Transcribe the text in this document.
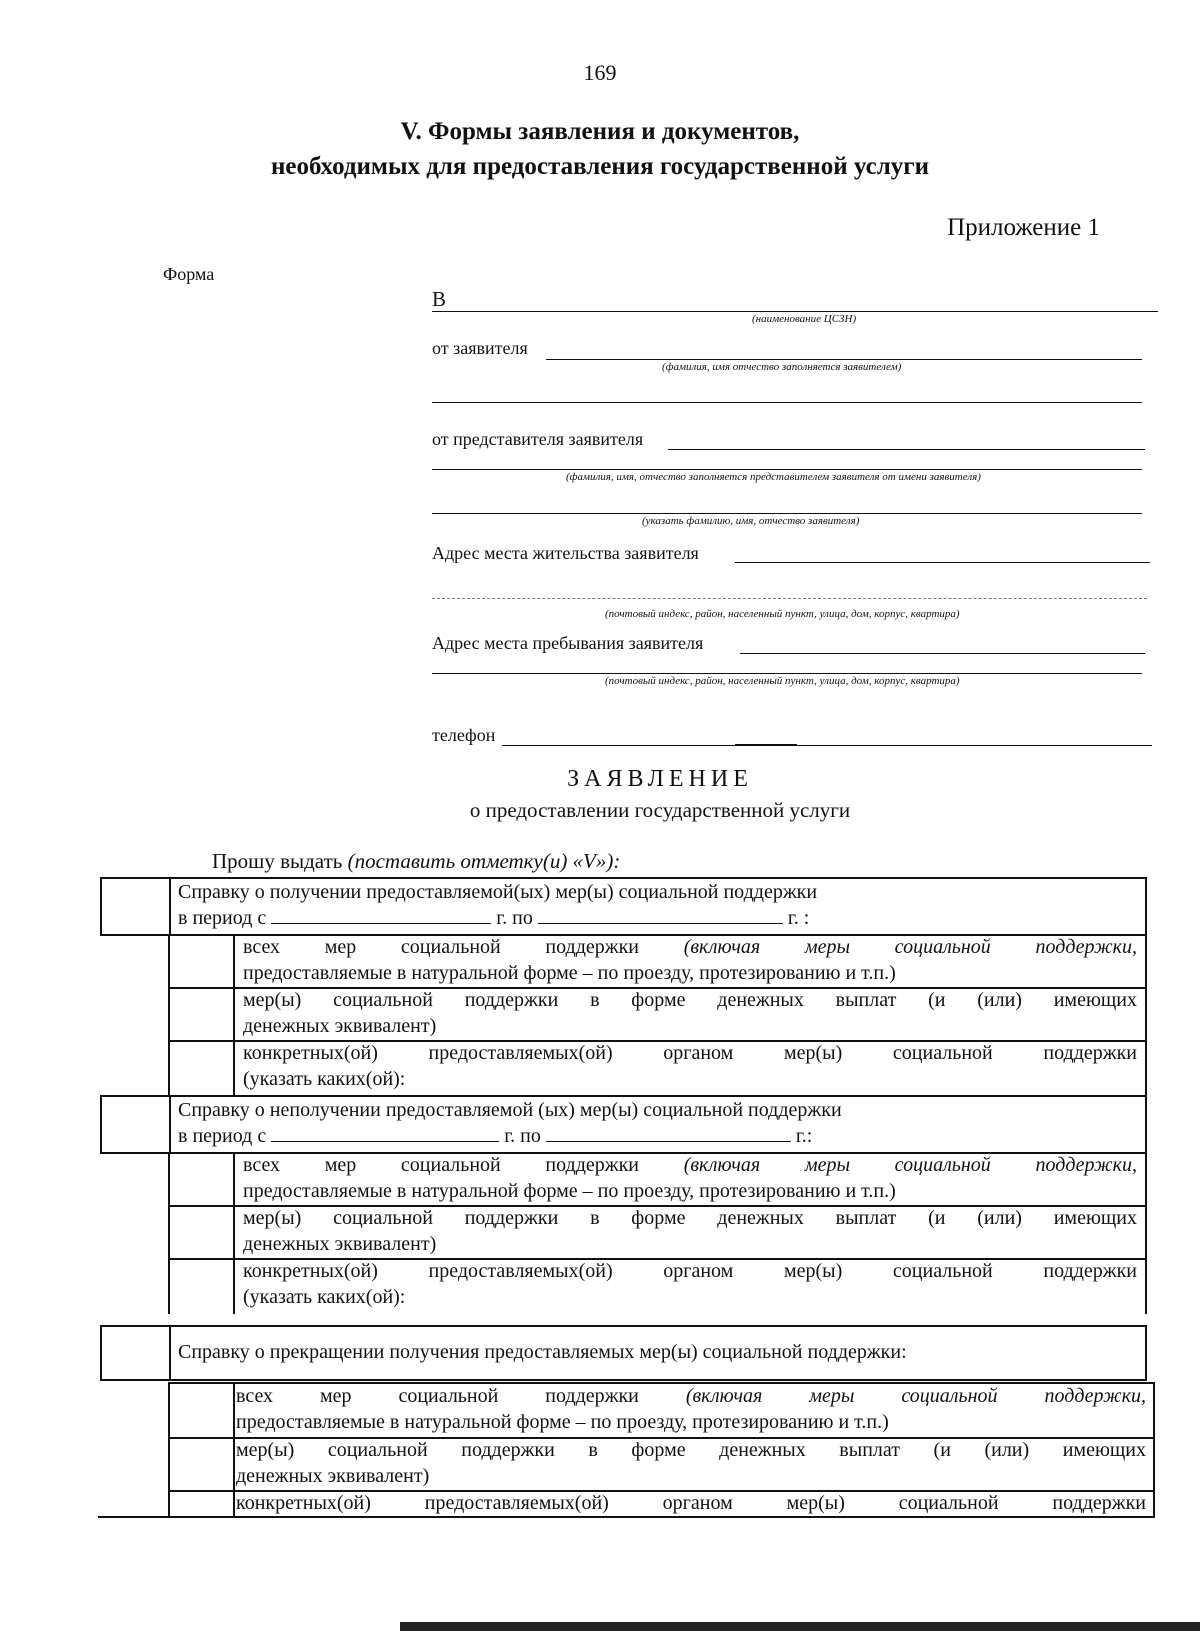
169
V. Формы заявления и документов,
необходимых для предоставления государственной услуги
Приложение 1
Форма
В
(наименование ЦСЗН)
от заявителя
(фамилия, имя отчество заполняется заявителем)
от представителя заявителя
(фамилия, имя, отчество заполняется представителем заявителя от имени заявителя)
(указать фамилию, имя, отчество заявителя)
Адрес места жительства заявителя
(почтовый индекс, район, населенный пункт, улица, дом, корпус, квартира)
Адрес места пребывания заявителя
(почтовый индекс, район, населенный пункт, улица, дом, корпус, квартира)
телефон
ЗАЯВЛЕНИЕ
о предоставлении государственной услуги
Прошу выдать (поставить отметку(и) «V»):
Справку о получении предоставляемой(ых) мер(ы) социальной поддержки
в период с	г. по	г. :
всех мер социальной поддержки (включая меры социальной поддержки,
предоставляемые в натуральной форме – по проезду, протезированию и т.п.)
мер(ы) социальной поддержки в форме денежных выплат (и (или) имеющих
денежных эквивалент)
конкретных(ой) предоставляемых(ой) органом мер(ы) социальной поддержки
(указать каких(ой):
Справку о неполучении предоставляемой (ых) мер(ы) социальной поддержки
в период с	г. по	г.:
всех мер социальной поддержки (включая меры социальной поддержки,
предоставляемые в натуральной форме – по проезду, протезированию и т.п.)
мер(ы) социальной поддержки в форме денежных выплат (и (или) имеющих
денежных эквивалент)
конкретных(ой) предоставляемых(ой) органом мер(ы) социальной поддержки
(указать каких(ой):
Справку о прекращении получения предоставляемых мер(ы) социальной поддержки:
всех мер социальной поддержки (включая меры социальной поддержки,
предоставляемые в натуральной форме – по проезду, протезированию и т.п.)
мер(ы) социальной поддержки в форме денежных выплат (и (или) имеющих
денежных эквивалент)
конкретных(ой) предоставляемых(ой) органом мер(ы) социальной поддержки
